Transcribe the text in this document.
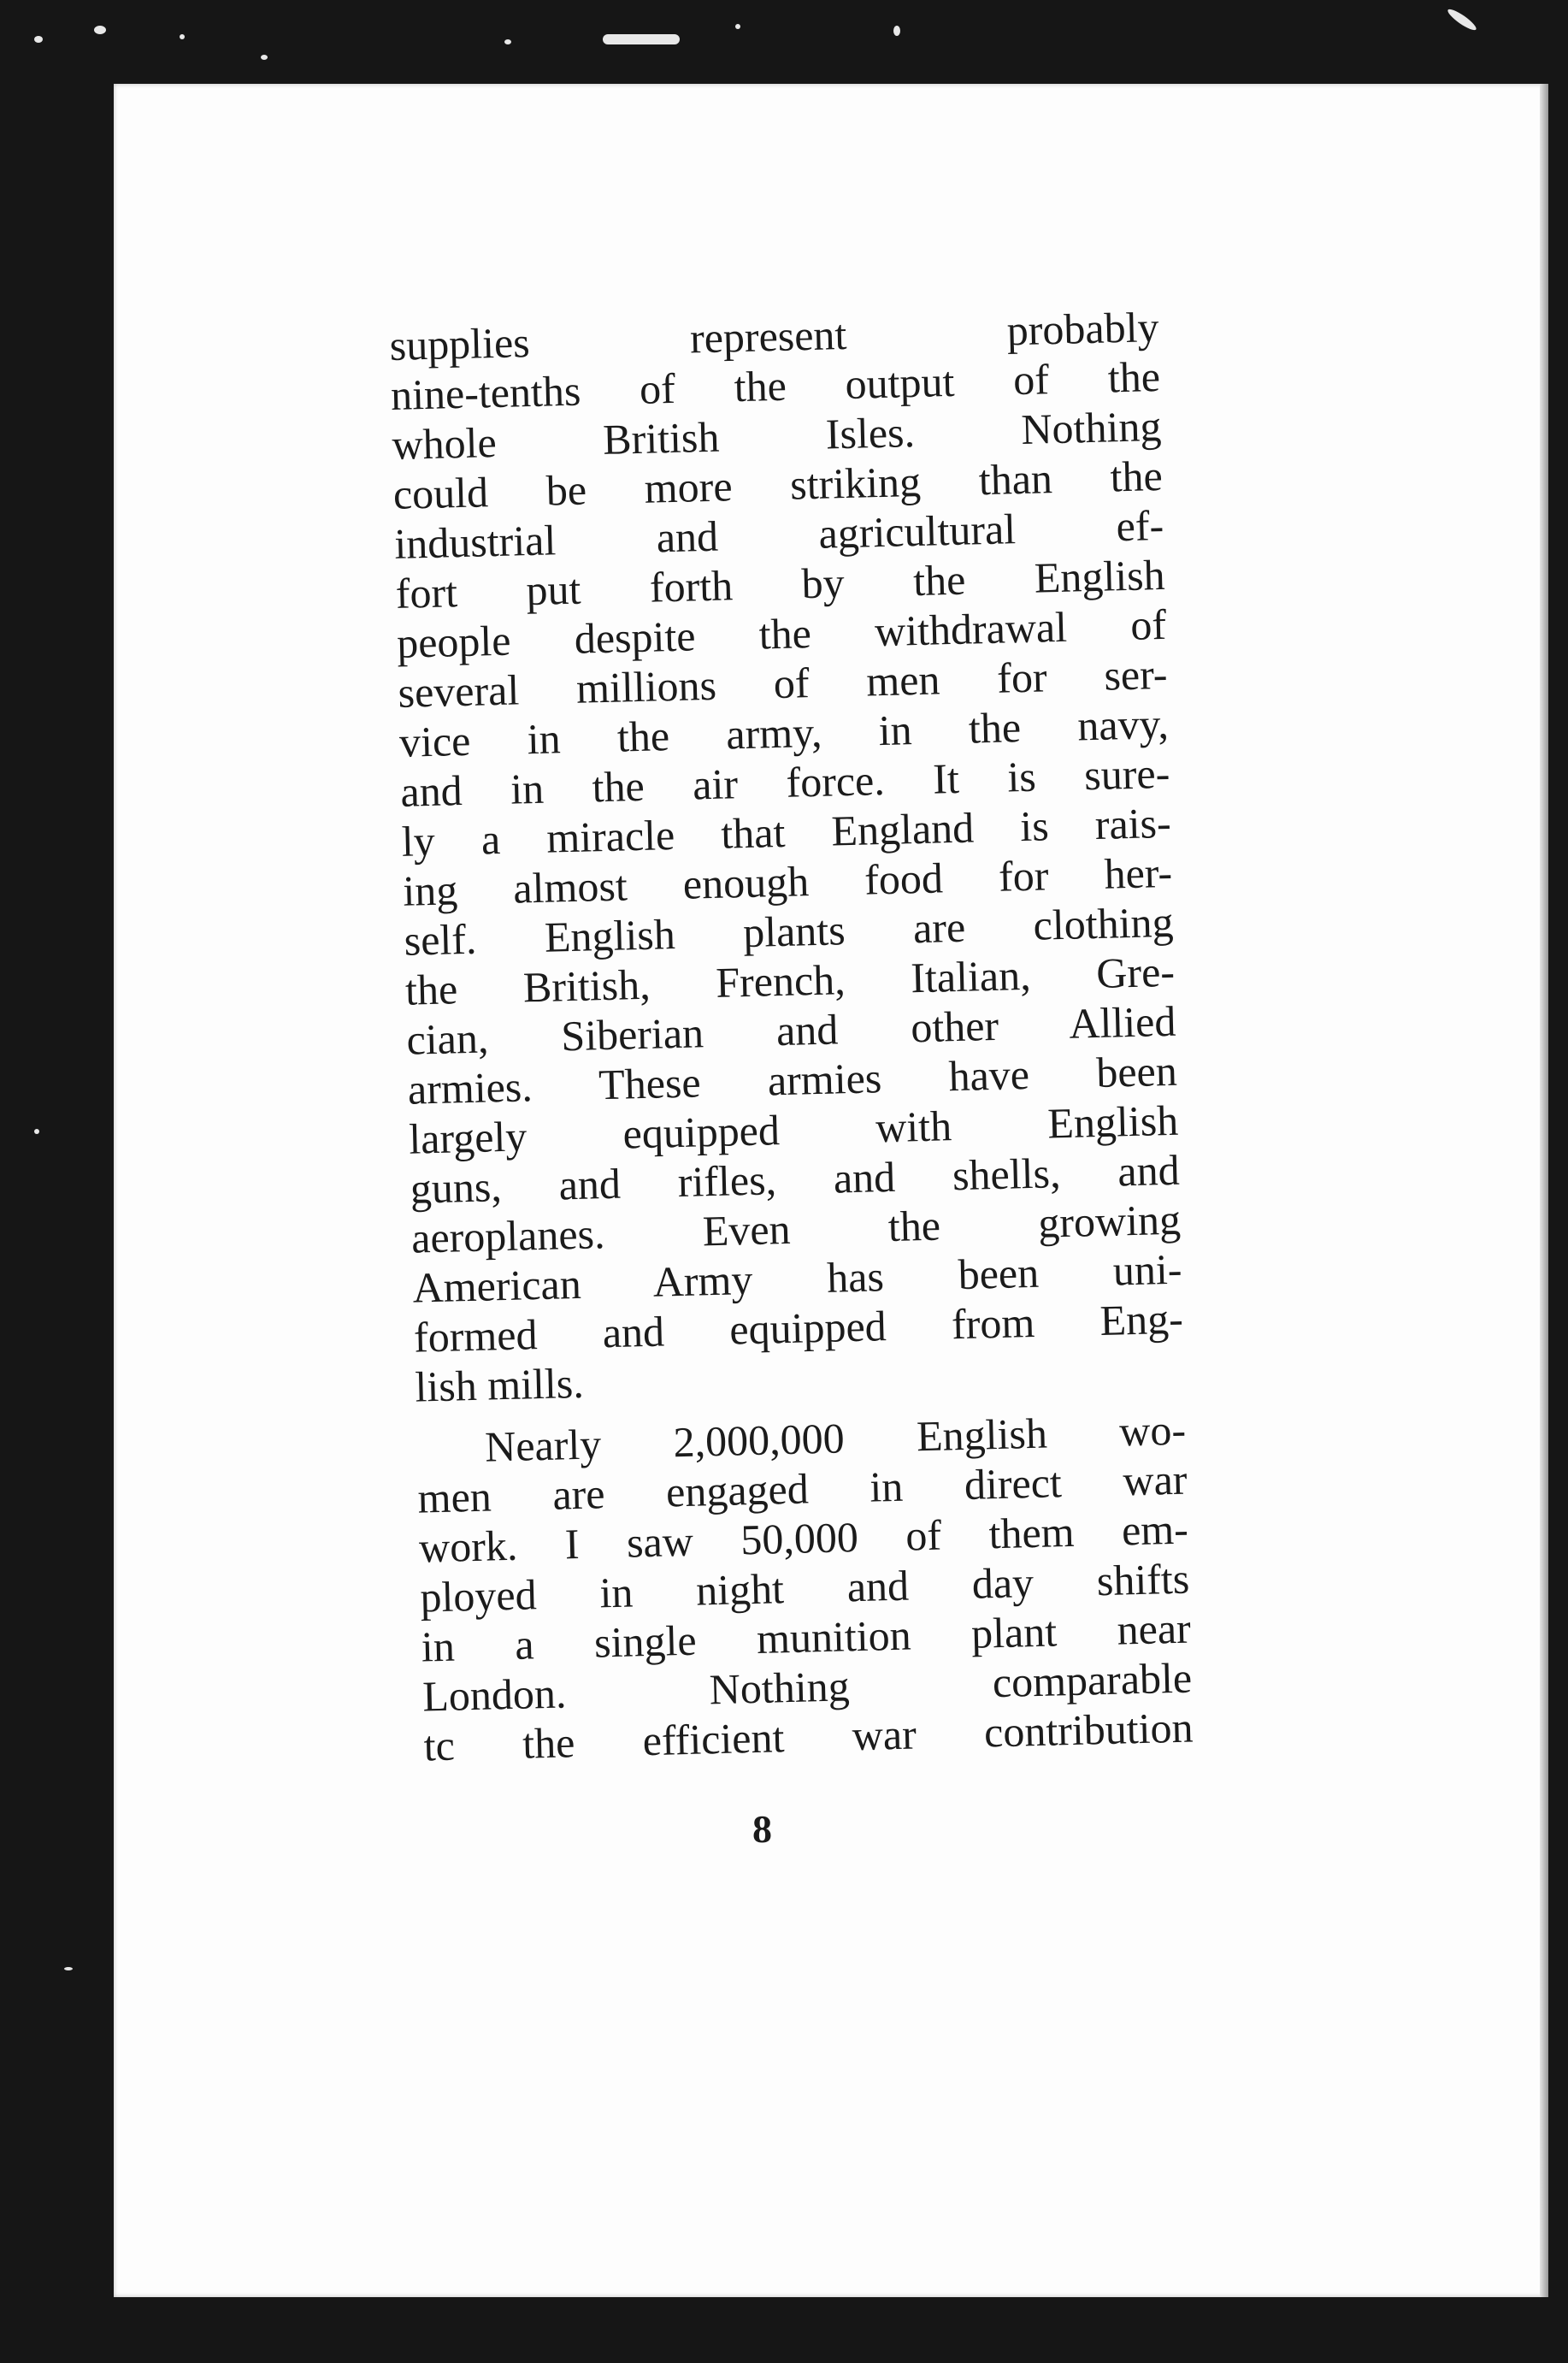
supplies represent probably
nine-tenths of the output of the
whole British Isles. Nothing
could be more striking than the
industrial and agricultural ef-
fort put forth by the English
people despite the withdrawal of
several millions of men for ser-
vice in the army, in the navy,
and in the air force. It is sure-
ly a miracle that England is rais-
ing almost enough food for her-
self. English plants are clothing
the British, French, Italian, Gre-
cian, Siberian and other Allied
armies. These armies have been
largely equipped with English
guns, and rifles, and shells, and
aeroplanes. Even the growing
American Army has been uni-
formed and equipped from Eng-
lish mills.
Nearly 2,000,000 English wo-
men are engaged in direct war
work. I saw 50,000 of them em-
ployed in night and day shifts
in a single munition plant near
London. Nothing comparable
tc the efficient war contribution
8
